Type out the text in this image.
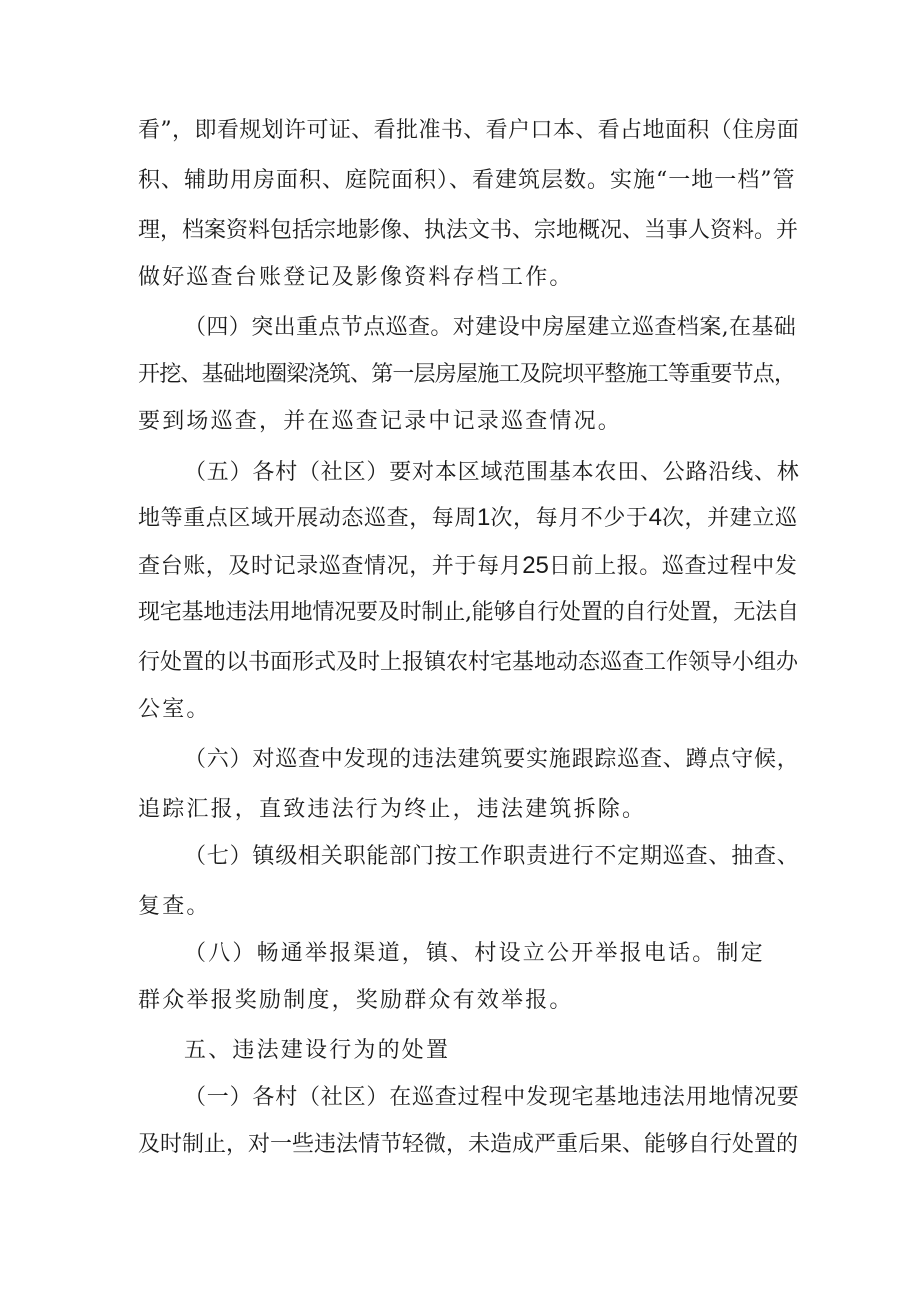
看”，即看规划许可证、看批准书、看户口本、看占地面积（住房面
积、辅助用房面积、庭院面积）、看建筑层数。实施“一地一档”管
理，档案资料包括宗地影像、执法文书、宗地概况、当事人资料。并
做好巡查台账登记及影像资料存档工作。
（四）突出重点节点巡查。对建设中房屋建立巡查档案,在基础
开挖、基础地圈梁浇筑、第一层房屋施工及院坝平整施工等重要节点，
要到场巡查，并在巡查记录中记录巡查情况。
（五）各村（社区）要对本区域范围基本农田、公路沿线、林
地等重点区域开展动态巡查，每周1次，每月不少于4次，并建立巡
查台账，及时记录巡查情况，并于每月25日前上报。巡查过程中发
现宅基地违法用地情况要及时制止,能够自行处置的自行处置，无法自
行处置的以书面形式及时上报镇农村宅基地动态巡查工作领导小组办
公室。
（六）对巡查中发现的违法建筑要实施跟踪巡查、蹲点守候，
追踪汇报，直致违法行为终止，违法建筑拆除。
（七）镇级相关职能部门按工作职责进行不定期巡查、抽查、
复查。
（八）畅通举报渠道，镇、村设立公开举报电话。制定
群众举报奖励制度，奖励群众有效举报。
五、违法建设行为的处置
（一）各村（社区）在巡查过程中发现宅基地违法用地情况要
及时制止，对一些违法情节轻微，未造成严重后果、能够自行处置的
